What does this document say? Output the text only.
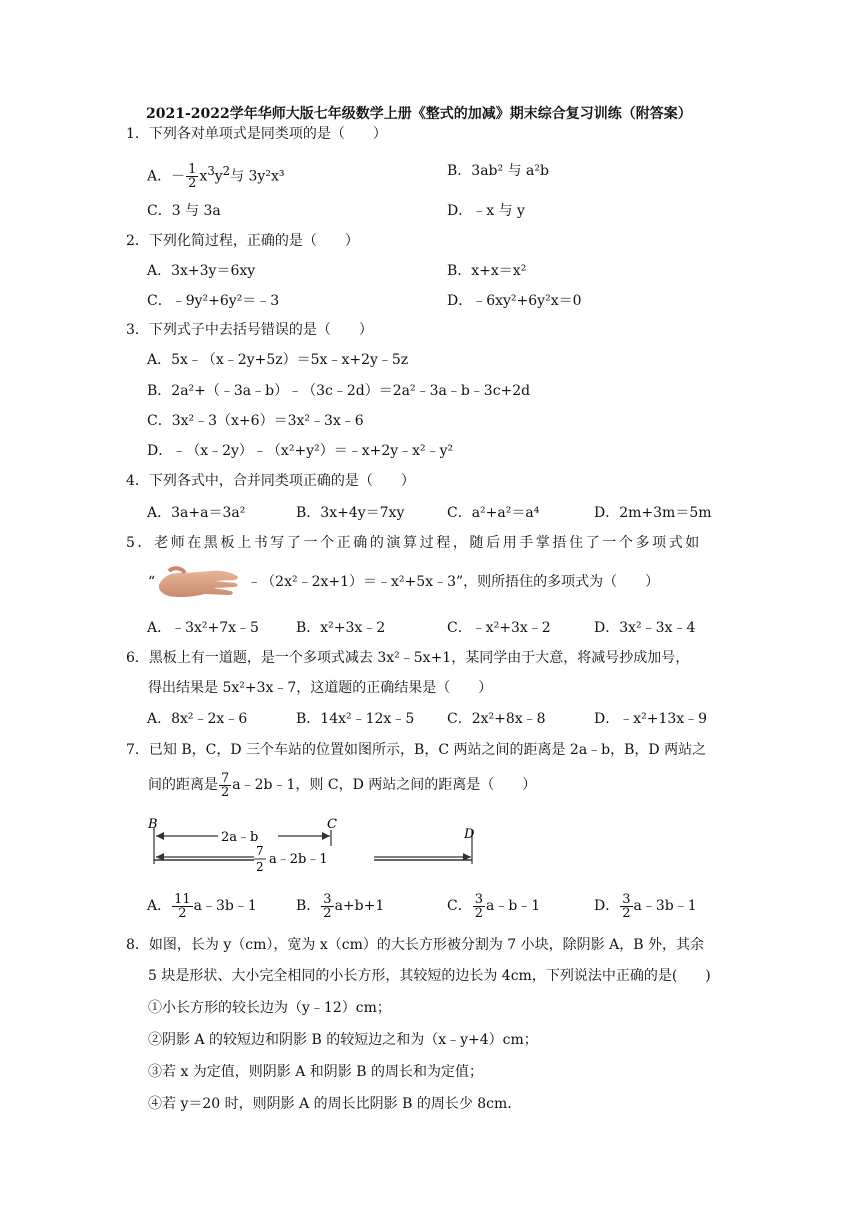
2021-2022学年华师大版七年级数学上册《整式的加减》期末综合复习训练（附答案）
1．下列各对单项式是同类项的是（　　）
A．－ $\frac{1}{2} x^3y^2$与 3y²x³	B．3ab² 与 a²b
C．3 与 3a	D．﹣x 与 y
2．下列化简过程，正确的是（　　）
A．3x+3y＝6xy	B．x+x＝x²
C．﹣9y²+6y²＝﹣3	D．﹣6xy²+6y²x＝0
3．下列式子中去括号错误的是（　　）
A．5x﹣（x﹣2y+5z）＝5x﹣x+2y﹣5z
B．2a²+（﹣3a﹣b）﹣（3c﹣2d）＝2a²﹣3a﹣b﹣3c+2d
C．3x²﹣3（x+6）＝3x²﹣3x﹣6
D．﹣（x﹣2y）﹣（x²+y²）＝﹣x+2y﹣x²﹣y²
4．下列各式中，合并同类项正确的是（　　）
A．3a+a＝3a²	B．3x+4y＝7xy	C．a²+a²＝a⁴	D．2m+3m＝5m
5．老师在黑板上书写了一个正确的演算过程，随后用手掌捂住了一个多项式如
“	﹣（2x²﹣2x+1）＝﹣x²+5x﹣3”，则所捂住的多项式为（　　）
A．﹣3x²+7x﹣5	B．x²+3x﹣2	C．﹣x²+3x﹣2	D．3x²﹣3x﹣4
6．黑板上有一道题，是一个多项式减去 3x²﹣5x+1，某同学由于大意，将减号抄成加号，
得出结果是 5x²+3x﹣7，这道题的正确结果是（　　）
A．8x²﹣2x﹣6	B．14x²﹣12x﹣5 C．2x²+8x﹣8	D．﹣x²+13x﹣9
7．已知 B，C，D 三个车站的位置如图所示，B，C 两站之间的距离是 2a﹣b，B，D 两站之
间的距离是 $\frac{7}{2}$ a﹣2b﹣1，则 C，D 两站之间的距离是（　　）
B	C
D
2a﹣b
7
2 a﹣2b﹣1
A． $\frac{11}{2}$ a﹣3b﹣1	B． $\frac{3}{2} a+b+1$	C． $\frac{3}{2}$ a﹣b﹣1	D． $\frac{3}{2}$ a﹣3b﹣1
8．如图，长为 y（cm），宽为 x（cm）的大长方形被分割为 7 小块，除阴影 A，B 外，其余
5 块是形状、大小完全相同的小长方形，其较短的边长为 4cm，下列说法中正确的是(　　)
①小长方形的较长边为（y﹣12）cm；
②阴影 A 的较短边和阴影 B 的较短边之和为（x﹣y+4）cm；
③若 x 为定值，则阴影 A 和阴影 B 的周长和为定值；
④若 y＝20 时，则阴影 A 的周长比阴影 B 的周长少 8cm．
